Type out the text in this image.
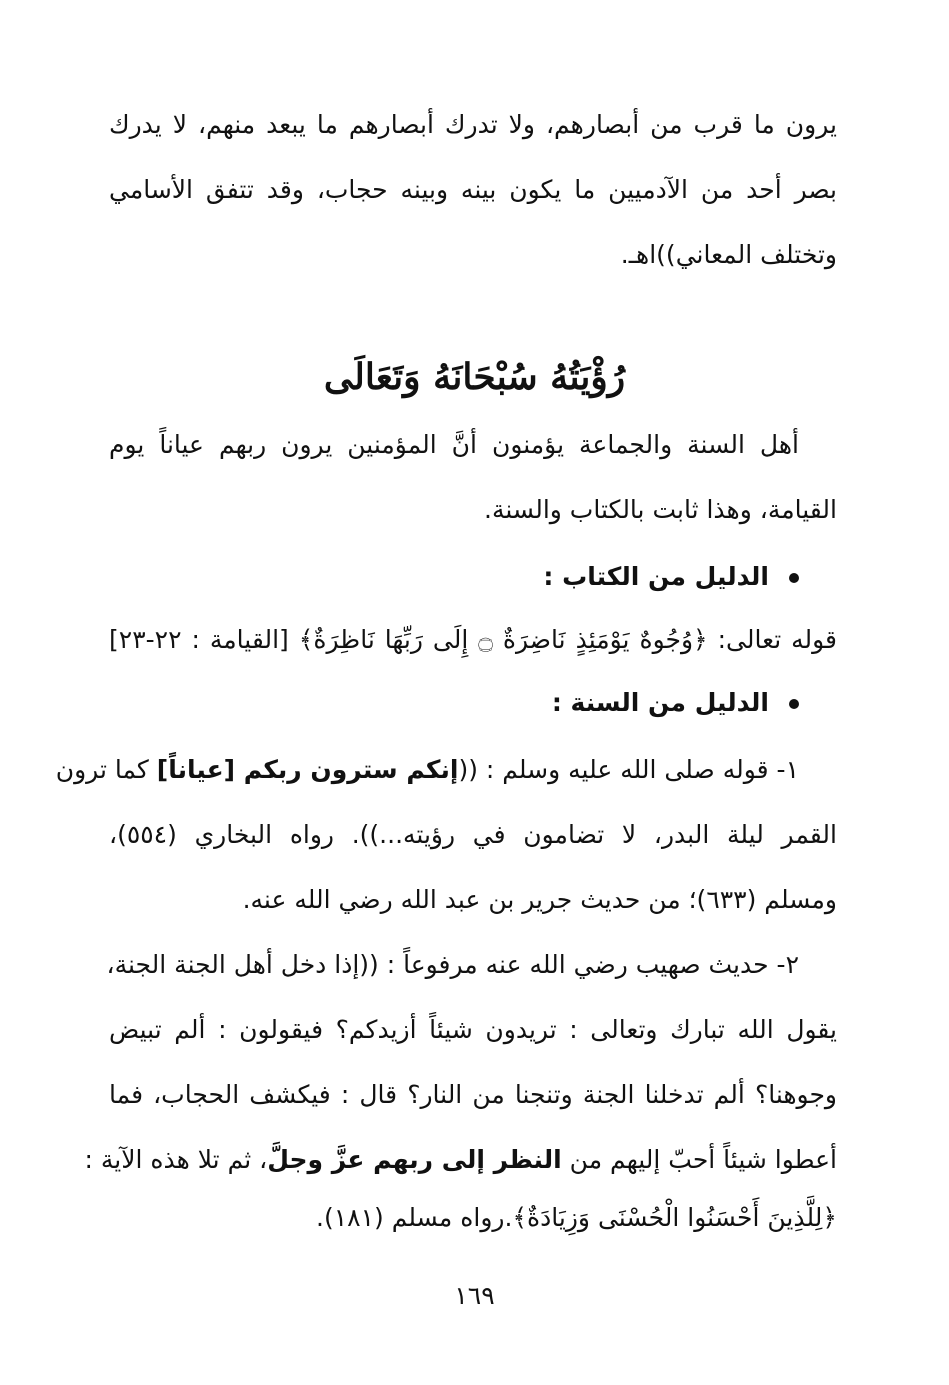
يرون ما قرب من أبصارهم، ولا تدرك أبصارهم ما يبعد منهم، لا يدرك
بصر أحد من الآدميين ما يكون بينه وبينه حجاب، وقد تتفق الأسامي
وتختلف المعاني))اهـ.
رُؤْيَتُهُ سُبْحَانَهُ وَتَعَالَى
أهل السنة والجماعة يؤمنون أنَّ المؤمنين يرون ربهم عياناً يوم
القيامة، وهذا ثابت بالكتاب والسنة.
الدليل من الكتاب :
قوله تعالى: ﴿وُجُوهٌ يَوْمَئِذٍ نَاضِرَةٌ ۝ إِلَى رَبِّهَا نَاظِرَةٌ﴾ [القيامة : ٢٢-٢٣]
الدليل من السنة :
١- قوله صلى الله عليه وسلم : ((إنكم سترون ربكم [عياناً] كما ترون
القمر ليلة البدر، لا تضامون في رؤيته...)). رواه البخاري (٥٥٤)،
ومسلم (٦٣٣)؛ من حديث جرير بن عبد الله رضي الله عنه.
٢- حديث صهيب رضي الله عنه مرفوعاً : ((إذا دخل أهل الجنة الجنة،
يقول الله تبارك وتعالى : تريدون شيئاً أزيدكم؟ فيقولون : ألم تبيض
وجوهنا؟ ألم تدخلنا الجنة وتنجنا من النار؟ قال : فيكشف الحجاب، فما
أعطوا شيئاً أحبّ إليهم من النظر إلى ربهم عزَّ وجلَّ، ثم تلا هذه الآية :
﴿لِلَّذِينَ أَحْسَنُوا الْحُسْنَى وَزِيَادَةٌ﴾.رواه مسلم (١٨١).
١٦٩
